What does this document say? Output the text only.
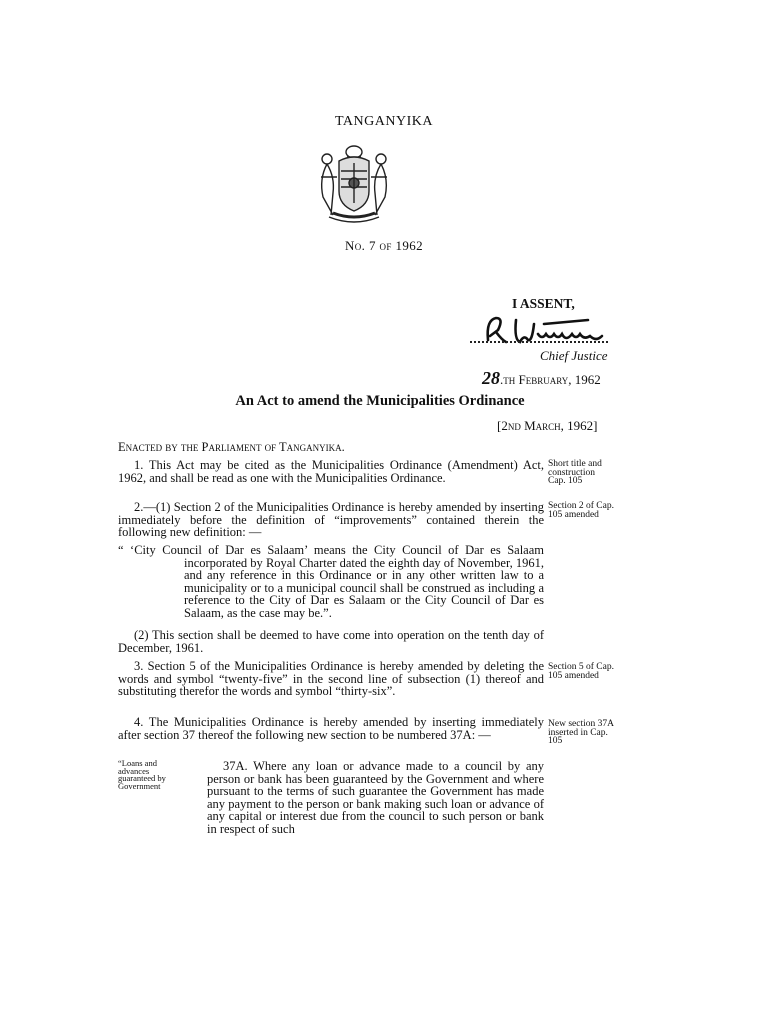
TANGANYIKA
No. 7 of 1962
I ASSENT,
Chief Justice
28.th February, 1962
An Act to amend the Municipalities Ordinance
[2nd March, 1962]
Enacted by the Parliament of Tanganyika.

1. This Act may be cited as the Municipalities Ordinance (Amendment) Act, 1962, and shall be read as one with the Municipalities Ordinance.

Short title and construction Cap. 105

2.—(1) Section 2 of the Municipalities Ordinance is hereby amended by inserting immediately before the definition of “improvements” contained therein the following new definition: —

Section 2 of Cap. 105 amended

“ ‘City Council of Dar es Salaam’ means the City Council of Dar es Salaam incorporated by Royal Charter dated the eighth day of November, 1961, and any reference in this Ordinance or in any other written law to a municipality or to a municipal council shall be construed as including a reference to the City of Dar es Salaam or the City Council of Dar es Salaam, as the case may be.”.

(2) This section shall be deemed to have come into operation on the tenth day of December, 1961.

3. Section 5 of the Municipalities Ordinance is hereby amended by deleting the words and symbol “twenty-five” in the second line of subsection (1) thereof and substituting therefor the words and symbol “thirty-six”.

Section 5 of Cap. 105 amended

4. The Municipalities Ordinance is hereby amended by inserting immediately after section 37 thereof the following new section to be numbered 37A: —

New section 37A inserted in Cap. 105
“Loans and advances guaranteed by Government

37A. Where any loan or advance made to a council by any person or bank has been guaranteed by the Government and where pursuant to the terms of such guarantee the Government has made any payment to the person or bank making such loan or advance of any capital or interest due from the council to such person or bank in respect of such
